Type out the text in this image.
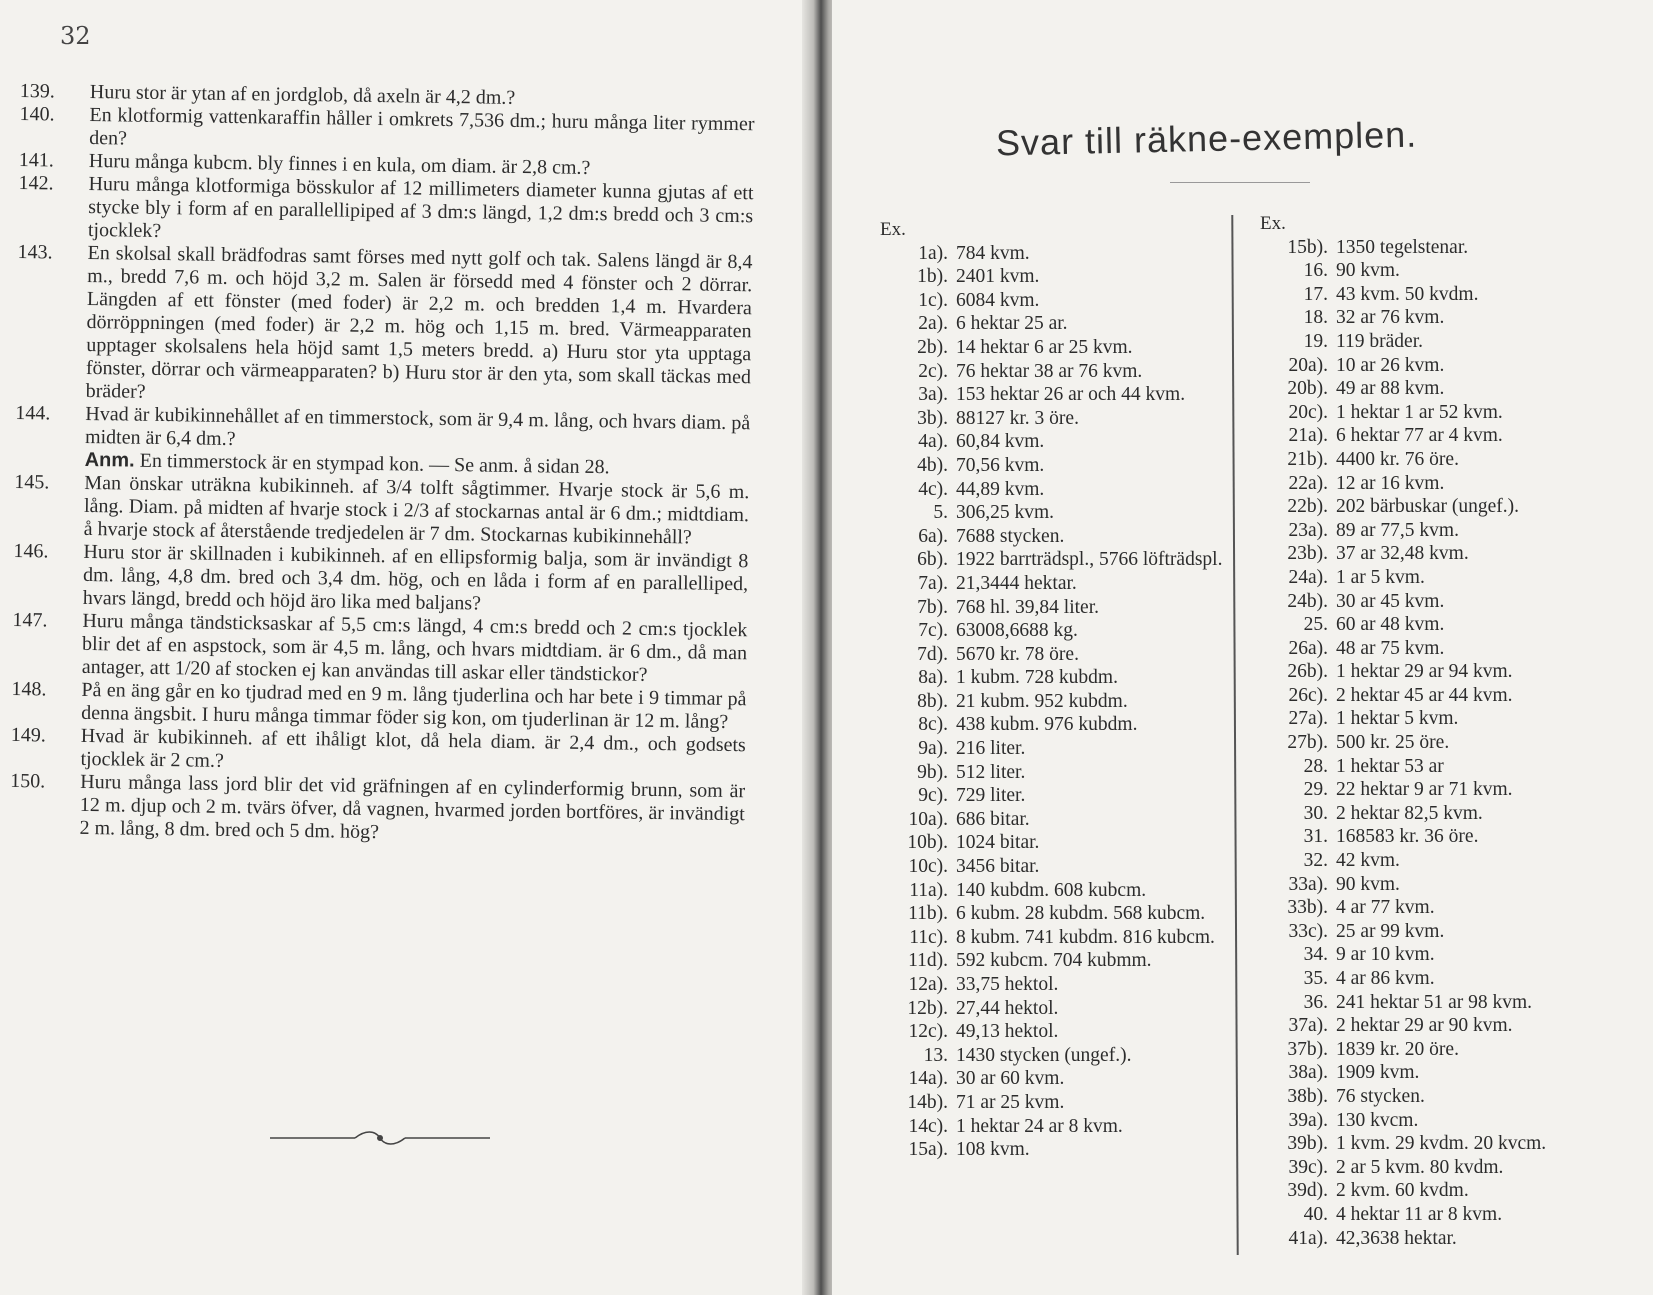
32
139.	Huru stor är ytan af en jordglob, då axeln är 4,2 dm.?
140.	En klotformig vattenkaraffin håller i omkrets 7,536 dm.; huru många liter rymmer den?
141.	Huru många kubcm. bly finnes i en kula, om diam. är 2,8 cm.?
142.	Huru många klotformiga bösskulor af 12 millimeters diameter kunna gjutas af ett stycke bly i form af en parallellipiped af 3 dm:s längd, 1,2 dm:s bredd och 3 cm:s tjocklek?
143.	En skolsal skall brädfodras samt förses med nytt golf och tak. Salens längd är 8,4 m., bredd 7,6 m. och höjd 3,2 m. Salen är försedd med 4 fönster och 2 dörrar. Längden af ett fönster (med foder) är 2,2 m. och bredden 1,4 m. Hvardera dörröppningen (med foder) är 2,2 m. hög och 1,15 m. bred. Värmeapparaten upptager skolsalens hela höjd samt 1,5 meters bredd. a) Huru stor yta upptaga fönster, dörrar och värmeapparaten? b) Huru stor är den yta, som skall täckas med bräder?
144.	Hvad är kubikinnehållet af en timmerstock, som är 9,4 m. lång, och hvars diam. på midten är 6,4 dm.?
Anm. En timmerstock är en stympad kon. — Se anm. å sidan 28.
145.	Man önskar uträkna kubikinneh. af 3/4 tolft sågtimmer. Hvarje stock är 5,6 m. lång. Diam. på midten af hvarje stock i 2/3 af stockarnas antal är 6 dm.; midtdiam. å hvarje stock af återstående tredjedelen är 7 dm. Stockarnas kubikinnehåll?
146.	Huru stor är skillnaden i kubikinneh. af en ellipsformig balja, som är invändigt 8 dm. lång, 4,8 dm. bred och 3,4 dm. hög, och en låda i form af en parallelliped, hvars längd, bredd och höjd äro lika med baljans?
147.	Huru många tändsticksaskar af 5,5 cm:s längd, 4 cm:s bredd och 2 cm:s tjocklek blir det af en aspstock, som är 4,5 m. lång, och hvars midtdiam. är 6 dm., då man antager, att 1/20 af stocken ej kan användas till askar eller tändstickor?
148.	På en äng går en ko tjudrad med en 9 m. lång tjuderlina och har bete i 9 timmar på denna ängsbit. I huru många timmar föder sig kon, om tjuderlinan är 12 m. lång?
149.	Hvad är kubikinneh. af ett ihåligt klot, då hela diam. är 2,4 dm., och godsets tjocklek är 2 cm.?
150.	Huru många lass jord blir det vid gräfningen af en cylinderformig brunn, som är 12 m. djup och 2 m. tvärs öfver, då vagnen, hvarmed jorden bortföres, är invändigt 2 m. lång, 8 dm. bred och 5 dm. hög?
Svar till räkne-exemplen.
Ex.
1a). 784 kvm.
1b). 2401 kvm.
1c). 6084 kvm.
2a). 6 hektar 25 ar.
2b). 14 hektar 6 ar 25 kvm.
2c). 76 hektar 38 ar 76 kvm.
3a). 153 hektar 26 ar och 44 kvm.
3b). 88127 kr. 3 öre.
4a). 60,84 kvm.
4b). 70,56 kvm.
4c). 44,89 kvm.
5. 306,25 kvm.
6a). 7688 stycken.
6b). 1922 barrträdspl., 5766 löfträdspl.
7a). 21,3444 hektar.
7b). 768 hl. 39,84 liter.
7c). 63008,6688 kg.
7d). 5670 kr. 78 öre.
8a). 1 kubm. 728 kubdm.
8b). 21 kubm. 952 kubdm.
8c). 438 kubm. 976 kubdm.
9a). 216 liter.
9b). 512 liter.
9c). 729 liter.
10a). 686 bitar.
10b). 1024 bitar.
10c). 3456 bitar.
11a). 140 kubdm. 608 kubcm.
11b). 6 kubm. 28 kubdm. 568 kubcm.
11c). 8 kubm. 741 kubdm. 816 kubcm.
11d). 592 kubcm. 704 kubmm.
12a). 33,75 hektol.
12b). 27,44 hektol.
12c). 49,13 hektol.
13. 1430 stycken (ungef.).
14a). 30 ar 60 kvm.
14b). 71 ar 25 kvm.
14c). 1 hektar 24 ar 8 kvm.
15a). 108 kvm.
Ex.
15b). 1350 tegelstenar.
16. 90 kvm.
17. 43 kvm. 50 kvdm.
18. 32 ar 76 kvm.
19. 119 bräder.
20a). 10 ar 26 kvm.
20b). 49 ar 88 kvm.
20c). 1 hektar 1 ar 52 kvm.
21a). 6 hektar 77 ar 4 kvm.
21b). 4400 kr. 76 öre.
22a). 12 ar 16 kvm.
22b). 202 bärbuskar (ungef.).
23a). 89 ar 77,5 kvm.
23b). 37 ar 32,48 kvm.
24a). 1 ar 5 kvm.
24b). 30 ar 45 kvm.
25. 60 ar 48 kvm.
26a). 48 ar 75 kvm.
26b). 1 hektar 29 ar 94 kvm.
26c). 2 hektar 45 ar 44 kvm.
27a). 1 hektar 5 kvm.
27b). 500 kr. 25 öre.
28. 1 hektar 53 ar
29. 22 hektar 9 ar 71 kvm.
30. 2 hektar 82,5 kvm.
31. 168583 kr. 36 öre.
32. 42 kvm.
33a). 90 kvm.
33b). 4 ar 77 kvm.
33c). 25 ar 99 kvm.
34. 9 ar 10 kvm.
35. 4 ar 86 kvm.
36. 241 hektar 51 ar 98 kvm.
37a). 2 hektar 29 ar 90 kvm.
37b). 1839 kr. 20 öre.
38a). 1909 kvm.
38b). 76 stycken.
39a). 130 kvcm.
39b). 1 kvm. 29 kvdm. 20 kvcm.
39c). 2 ar 5 kvm. 80 kvdm.
39d). 2 kvm. 60 kvdm.
40. 4 hektar 11 ar 8 kvm.
41a). 42,3638 hektar.
